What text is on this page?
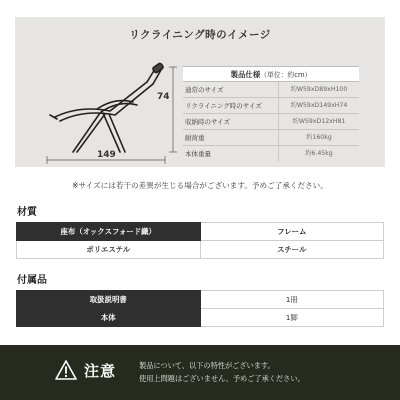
リクライニング時のイメージ
149
74
製品仕様（単位：約cm）
通常のサイズ	約W59xD89xH100
リクライニング時のサイズ	約W59xD149xH74
収納時のサイズ	約W59xD12xH81
耐荷重	約160kg
本体重量	約6.45kg
※サイズには若干の差異が生じる場合がございます。予めご了承ください。
材質
座布（オックスフォード織）	フレーム
ポリエステル	スチール
付属品
取扱説明書	1冊
本体	1脚
注意	製品について、以下の特性がございます。
使用上問題はございません、予めご了承ください。
